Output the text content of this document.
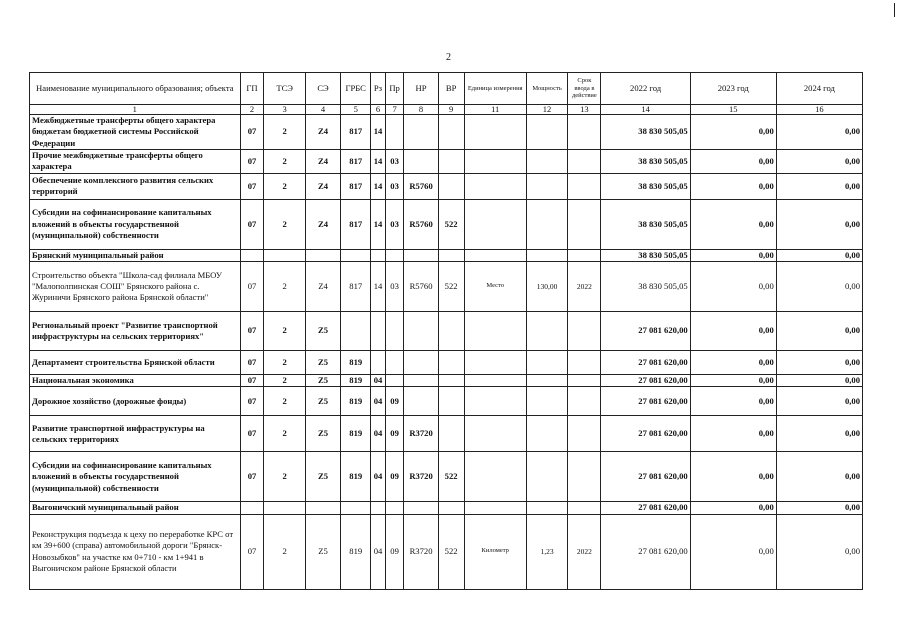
2
Наименование муниципального образования; объекта	ГП	ТСЭ	СЭ	ГРБС	Рз	Пр	НР	ВР	Единица измерения	Мощность	Срок ввода в действие	2022 год	2023 год	2024 год
1	2	3	4	5	6	7	8	9	11	12	13	14	15	16
Межбюджетные трансферты общего характера бюджетам бюджетной системы Российской Федерации	07	2	Z4	817	14							38 830 505,05	0,00	0,00
Прочие межбюджетные трансферты общего характера	07	2	Z4	817	14	03						38 830 505,05	0,00	0,00
Обеспечение комплексного развития сельских территорий	07	2	Z4	817	14	03	R5760					38 830 505,05	0,00	0,00
Субсидии на софинансирование капитальных вложений в объекты государственной (муниципальной) собственности	07	2	Z4	817	14	03	R5760	522				38 830 505,05	0,00	0,00
Брянский муниципальный район												38 830 505,05	0,00	0,00
Строительство объекта "Школа-сад филиала МБОУ "Малополпинская СОШ" Брянского района с. Журиничи Брянского района Брянской области"	07	2	Z4	817	14	03	R5760	522	Место	130,00	2022	38 830 505,05	0,00	0,00
Региональный проект "Развитие транспортной инфраструктуры на сельских территориях"	07	2	Z5									27 081 620,00	0,00	0,00
Департамент строительства Брянской области	07	2	Z5	819								27 081 620,00	0,00	0,00
Национальная экономика	07	2	Z5	819	04							27 081 620,00	0,00	0,00
Дорожное хозяйство (дорожные фонды)	07	2	Z5	819	04	09						27 081 620,00	0,00	0,00
Развитие транспортной инфраструктуры на сельских территориях	07	2	Z5	819	04	09	R3720					27 081 620,00	0,00	0,00
Субсидии на софинансирование капитальных вложений в объекты государственной (муниципальной) собственности	07	2	Z5	819	04	09	R3720	522				27 081 620,00	0,00	0,00
Выгоничский муниципальный район												27 081 620,00	0,00	0,00
Реконструкция подъезда к цеху по переработке КРС от км 39+600 (справа) автомобильной дороги "Брянск-Новозыбков" на участке км 0+710 - км 1+941 в Выгоничском районе Брянской области	07	2	Z5	819	04	09	R3720	522	Километр	1,23	2022	27 081 620,00	0,00	0,00
